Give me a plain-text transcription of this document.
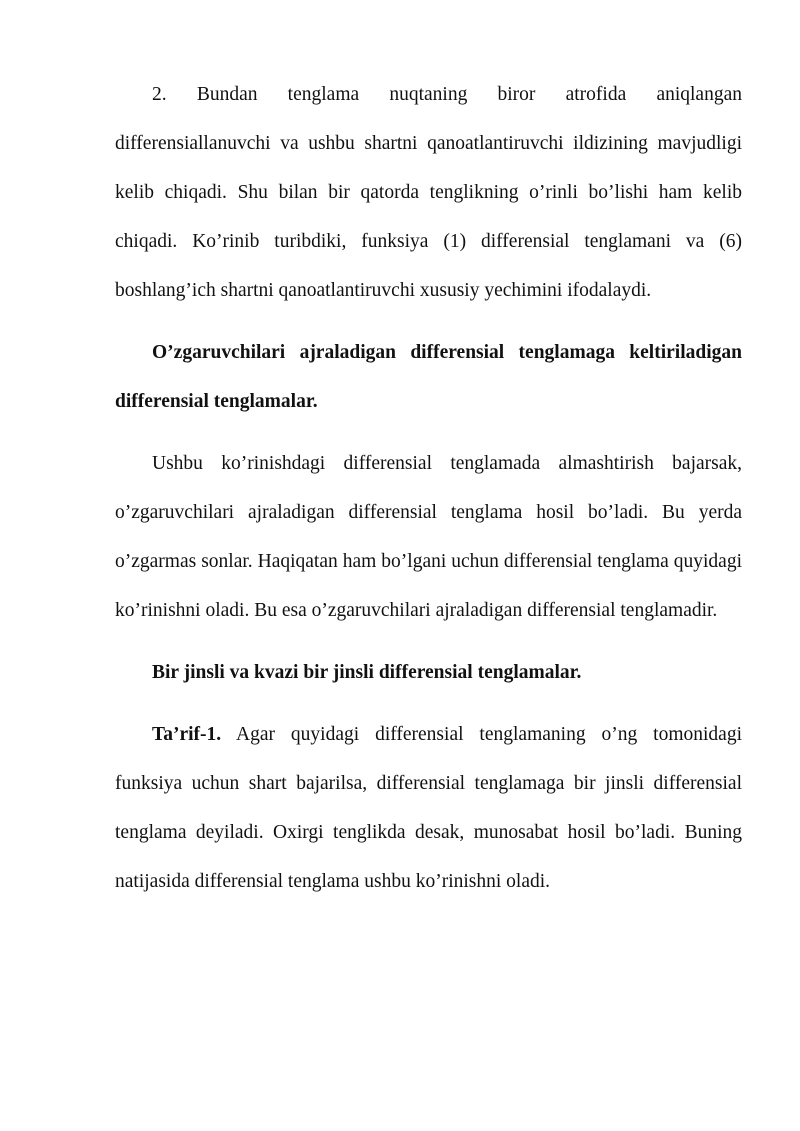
2. Bundan tenglama nuqtaning biror atrofida aniqlangan differensiallanuvchi va ushbu shartni qanoatlantiruvchi ildizining mavjudligi kelib chiqadi. Shu bilan bir qatorda tenglikning o’rinli bo’lishi ham kelib chiqadi. Ko’rinib turibdiki, funksiya (1) differensial tenglamani va (6) boshlang’ich shartni qanoatlantiruvchi xususiy yechimini ifodalaydi.

O’zgaruvchilari ajraladigan differensial tenglamaga keltiriladigan differensial tenglamalar.

Ushbu ko’rinishdagi differensial tenglamada almashtirish bajarsak, o’zgaruvchilari ajraladigan differensial tenglama hosil bo’ladi. Bu yerda o’zgarmas sonlar. Haqiqatan ham bo’lgani uchun differensial tenglama quyidagi ko’rinishni oladi. Bu esa o’zgaruvchilari ajraladigan differensial tenglamadir.

Bir jinsli va kvazi bir jinsli differensial tenglamalar.

Ta’rif-1. Agar quyidagi differensial tenglamaning o’ng tomonidagi funksiya uchun shart bajarilsa, differensial tenglamaga bir jinsli differensial tenglama deyiladi. Oxirgi tenglikda desak, munosabat hosil bo’ladi. Buning natijasida differensial tenglama ushbu ko’rinishni oladi.
